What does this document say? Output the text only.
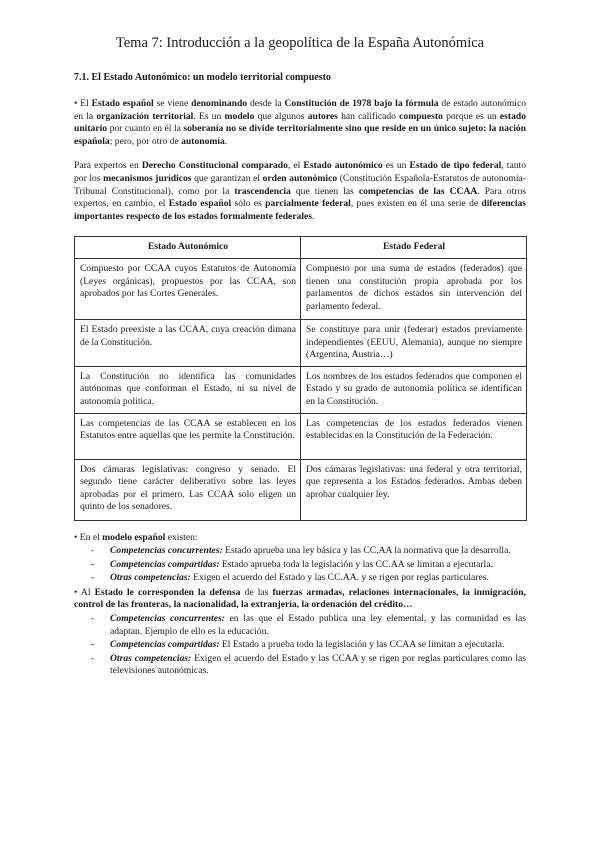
Tema 7: Introducción a la geopolítica de la España Autonómica
7.1. El Estado Autonómico: un modelo territorial compuesto

• El Estado español se viene denominando desde la Constitución de 1978 bajo la fórmula de estado autonómico en la organización territorial. Es un modelo que algunos autores han calificado compuesto porque es un estado unitario por cuanto en él la soberanía no se divide territorialmente sino que reside en un único sujeto: la nación española; pero, por otro de autonomía.

Para expertos en Derecho Constitucional comparado, el Estado autonómico es un Estado de tipo federal, tanto por los mecanismos jurídicos que garantizan el orden autonómico (Constitución Española-Estatutos de autonomía-Tribunal Constitucional), como por la trascendencia que tienen las competencias de las CCAA. Para otros expertos, en cambio, el Estado español sólo es parcialmente federal, pues existen en él una serie de diferencias importantes respecto de los estados formalmente federales.

Estado Autonómico	Estado Federal
Compuesto por CCAA cuyos Estatutos de Autonomía (Leyes orgánicas), propuestos por las CCAA, son aprobados por las Cortes Generales.	Compuesto por una suma de estados (federados) que tienen una constitución propia aprobada por los parlamentos de dichos estados sin intervención del parlamento federal.
El Estado preexiste a las CCAA, cuya creación dimana de la Constitución.	Se constituye para unir (federar) estados previamente independientes (EEUU, Alemania), aunque no siempre (Argentina, Austria…)
La Constitución no identifica las comunidades autónomas que conforman el Estado, ni su nivel de autonomía política.	Los nombres de los estados federados que componen el Estado y su grado de autonomía política se identifican en la Constitución.
Las competencias de las CCAA se establecen en los Estatutos entre aquellas que les permite la Constitución.	Las competencias de los estados federados vienen establecidas en la Constitución de la Federación.
Dos cámaras legislativas: congreso y senado. El segundo tiene carácter deliberativo sobre las leyes aprobadas por el primero. Las CCAA solo eligen un quinto de los senadores.	Dos cámaras legislativas: una federal y otra territorial, que representa a los Estados federados. Ambas deben aprobar cualquier ley.
• En el modelo español existen:
- Competencias concurrentes: Estado aprueba una ley básica y las CC.AA la normativa que la desarrolla.
- Competencias compartidas: Estado aprueba toda la legislación y las CC.AA se limitan a ejecutarla.
- Otras competencias: Exigen el acuerdo del Estado y las CC.AA. y se rigen por reglas particulares.
• Al Estado le corresponden la defensa de las fuerzas armadas, relaciones internacionales, la inmigración, control de las fronteras, la nacionalidad, la extranjería, la ordenación del crédito…
- Competencias concurrentes: en las que el Estado publica una ley elemental, y las comunidad es las adaptan. Ejemplo de ello es la educación.
- Competencias compartidas: El Estado a prueba todo la legislación y las CCAA se limitan a ejecutarla.
- Otras competencias: Exigen el acuerdo del Estado y las CCAA y se rigen por reglas particulares como las televisiones autonómicas.
